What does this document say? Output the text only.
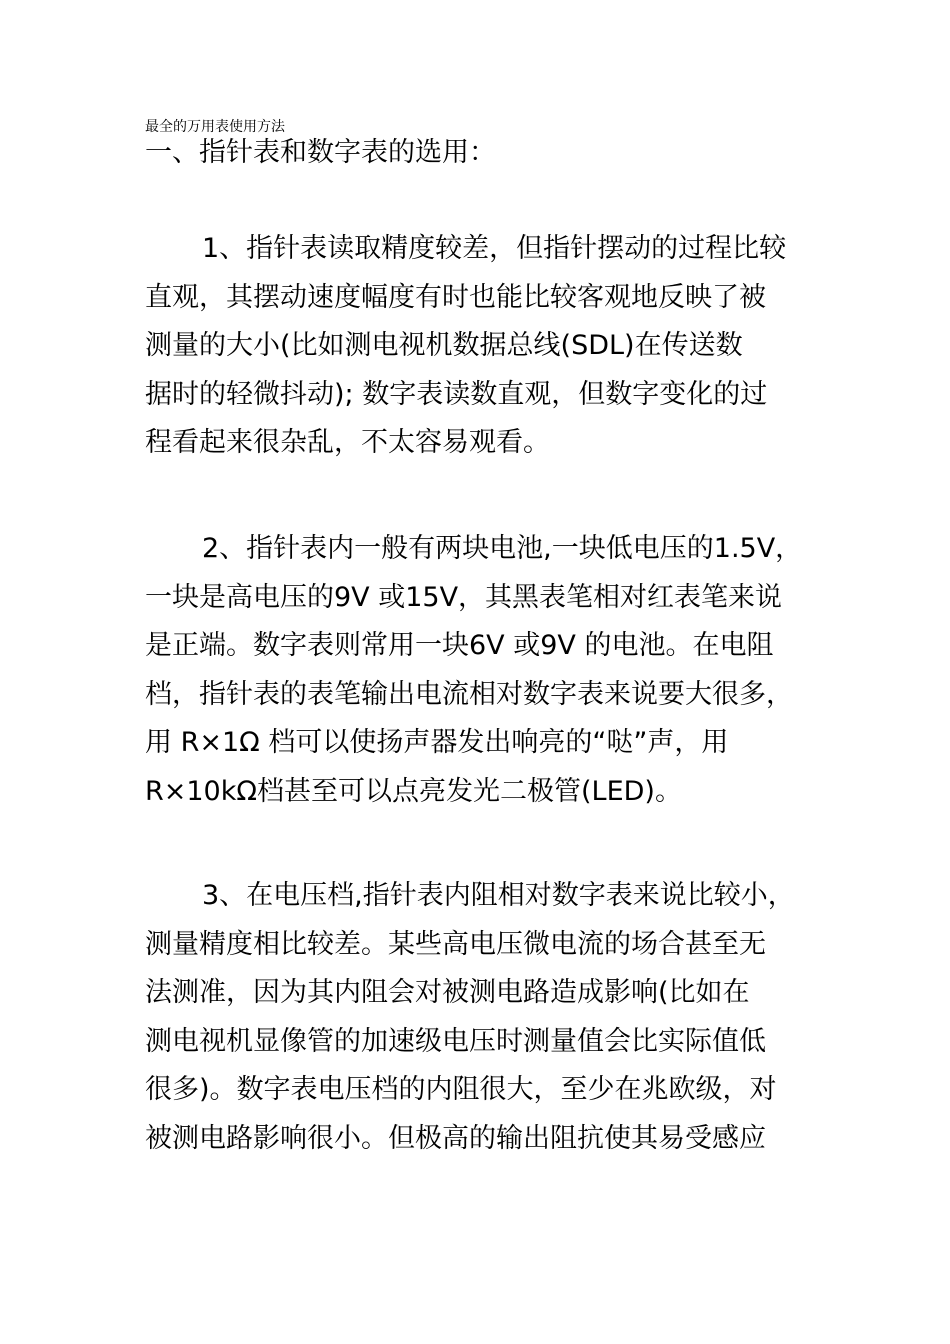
最全的万用表使用方法
一、指针表和数字表的选用：
1、指针表读取精度较差，但指针摆动的过程比较
直观，其摆动速度幅度有时也能比较客观地反映了被
测量的大小(比如测电视机数据总线(SDL)在传送数
据时的轻微抖动); 数字表读数直观，但数字变化的过
程看起来很杂乱，不太容易观看。
2、指针表内一般有两块电池,一块低电压的1.5V，
一块是高电压的9V 或15V，其黑表笔相对红表笔来说
是正端。数字表则常用一块6V 或9V 的电池。在电阻
档，指针表的表笔输出电流相对数字表来说要大很多，
用 R×1Ω 档可以使扬声器发出响亮的“哒”声，用
R×10kΩ档甚至可以点亮发光二极管(LED)。
3、在电压档,指针表内阻相对数字表来说比较小，
测量精度相比较差。某些高电压微电流的场合甚至无
法测准，因为其内阻会对被测电路造成影响(比如在
测电视机显像管的加速级电压时测量值会比实际值低
很多)。数字表电压档的内阻很大，至少在兆欧级，对
被测电路影响很小。但极高的输出阻抗使其易受感应
